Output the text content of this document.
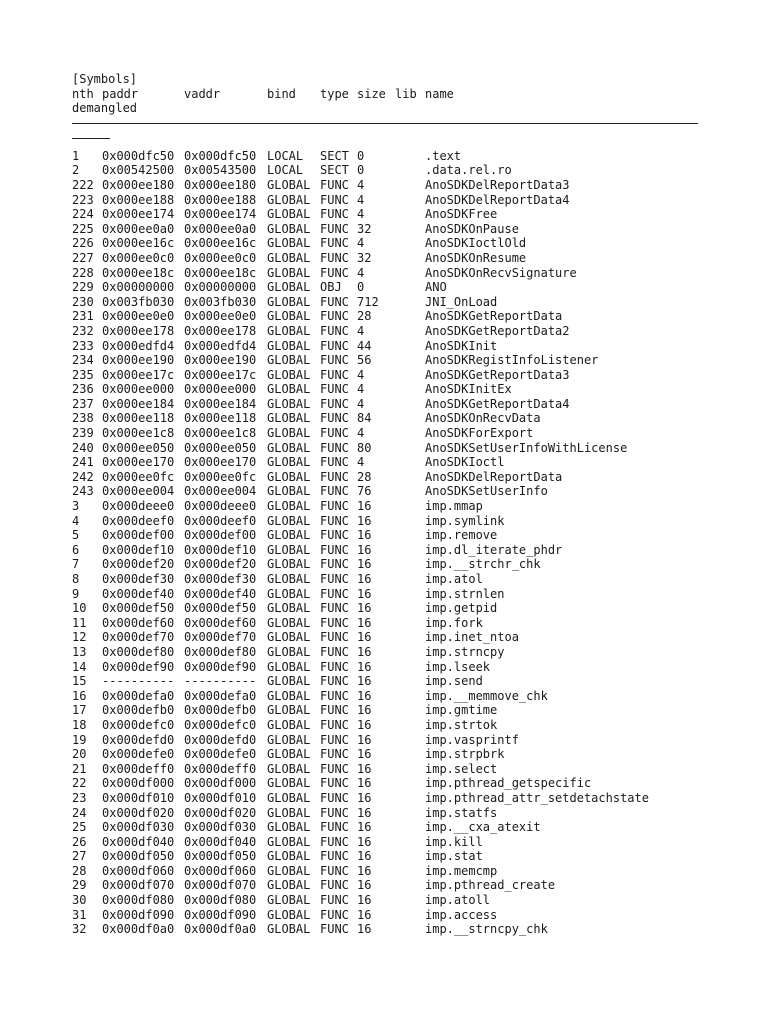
[Symbols]
nth paddr	vaddr	bind type size lib name
demangled
1 0x000dfc50 0x000dfc50 LOCAL SECT 0	.text
2 0x00542500 0x00543500 LOCAL SECT 0	.data.rel.ro
222 0x000ee180 0x000ee180 GLOBAL FUNC 4	AnoSDKDelReportData3
223 0x000ee188 0x000ee188 GLOBAL FUNC 4	AnoSDKDelReportData4
224 0x000ee174 0x000ee174 GLOBAL FUNC 4	AnoSDKFree
225 0x000ee0a0 0x000ee0a0 GLOBAL FUNC 32	AnoSDKOnPause
226 0x000ee16c 0x000ee16c GLOBAL FUNC 4	AnoSDKIoctlOld
227 0x000ee0c0 0x000ee0c0 GLOBAL FUNC 32	AnoSDKOnResume
228 0x000ee18c 0x000ee18c GLOBAL FUNC 4	AnoSDKOnRecvSignature
229 0x00000000 0x00000000 GLOBAL OBJ 0	ANO
230 0x003fb030 0x003fb030 GLOBAL FUNC 712	JNI_OnLoad
231 0x000ee0e0 0x000ee0e0 GLOBAL FUNC 28	AnoSDKGetReportData
232 0x000ee178 0x000ee178 GLOBAL FUNC 4	AnoSDKGetReportData2
233 0x000edfd4 0x000edfd4 GLOBAL FUNC 44	AnoSDKInit
234 0x000ee190 0x000ee190 GLOBAL FUNC 56	AnoSDKRegistInfoListener
235 0x000ee17c 0x000ee17c GLOBAL FUNC 4	AnoSDKGetReportData3
236 0x000ee000 0x000ee000 GLOBAL FUNC 4	AnoSDKInitEx
237 0x000ee184 0x000ee184 GLOBAL FUNC 4	AnoSDKGetReportData4
238 0x000ee118 0x000ee118 GLOBAL FUNC 84	AnoSDKOnRecvData
239 0x000ee1c8 0x000ee1c8 GLOBAL FUNC 4	AnoSDKForExport
240 0x000ee050 0x000ee050 GLOBAL FUNC 80	AnoSDKSetUserInfoWithLicense
241 0x000ee170 0x000ee170 GLOBAL FUNC 4	AnoSDKIoctl
242 0x000ee0fc 0x000ee0fc GLOBAL FUNC 28	AnoSDKDelReportData
243 0x000ee004 0x000ee004 GLOBAL FUNC 76	AnoSDKSetUserInfo
3 0x000deee0 0x000deee0 GLOBAL FUNC 16	imp.mmap
4 0x000deef0 0x000deef0 GLOBAL FUNC 16	imp.symlink
5 0x000def00 0x000def00 GLOBAL FUNC 16	imp.remove
6 0x000def10 0x000def10 GLOBAL FUNC 16	imp.dl_iterate_phdr
7 0x000def20 0x000def20 GLOBAL FUNC 16	imp.__strchr_chk
8 0x000def30 0x000def30 GLOBAL FUNC 16	imp.atol
9 0x000def40 0x000def40 GLOBAL FUNC 16	imp.strnlen
10 0x000def50 0x000def50 GLOBAL FUNC 16	imp.getpid
11 0x000def60 0x000def60 GLOBAL FUNC 16	imp.fork
12 0x000def70 0x000def70 GLOBAL FUNC 16	imp.inet_ntoa
13 0x000def80 0x000def80 GLOBAL FUNC 16	imp.strncpy
14 0x000def90 0x000def90 GLOBAL FUNC 16	imp.lseek
15 ---------- ---------- GLOBAL FUNC 16	imp.send
16 0x000defa0 0x000defa0 GLOBAL FUNC 16	imp.__memmove_chk
17 0x000defb0 0x000defb0 GLOBAL FUNC 16	imp.gmtime
18 0x000defc0 0x000defc0 GLOBAL FUNC 16	imp.strtok
19 0x000defd0 0x000defd0 GLOBAL FUNC 16	imp.vasprintf
20 0x000defe0 0x000defe0 GLOBAL FUNC 16	imp.strpbrk
21 0x000deff0 0x000deff0 GLOBAL FUNC 16	imp.select
22 0x000df000 0x000df000 GLOBAL FUNC 16	imp.pthread_getspecific
23 0x000df010 0x000df010 GLOBAL FUNC 16	imp.pthread_attr_setdetachstate
24 0x000df020 0x000df020 GLOBAL FUNC 16	imp.statfs
25 0x000df030 0x000df030 GLOBAL FUNC 16	imp.__cxa_atexit
26 0x000df040 0x000df040 GLOBAL FUNC 16	imp.kill
27 0x000df050 0x000df050 GLOBAL FUNC 16	imp.stat
28 0x000df060 0x000df060 GLOBAL FUNC 16	imp.memcmp
29 0x000df070 0x000df070 GLOBAL FUNC 16	imp.pthread_create
30 0x000df080 0x000df080 GLOBAL FUNC 16	imp.atoll
31 0x000df090 0x000df090 GLOBAL FUNC 16	imp.access
32 0x000df0a0 0x000df0a0 GLOBAL FUNC 16	imp.__strncpy_chk
